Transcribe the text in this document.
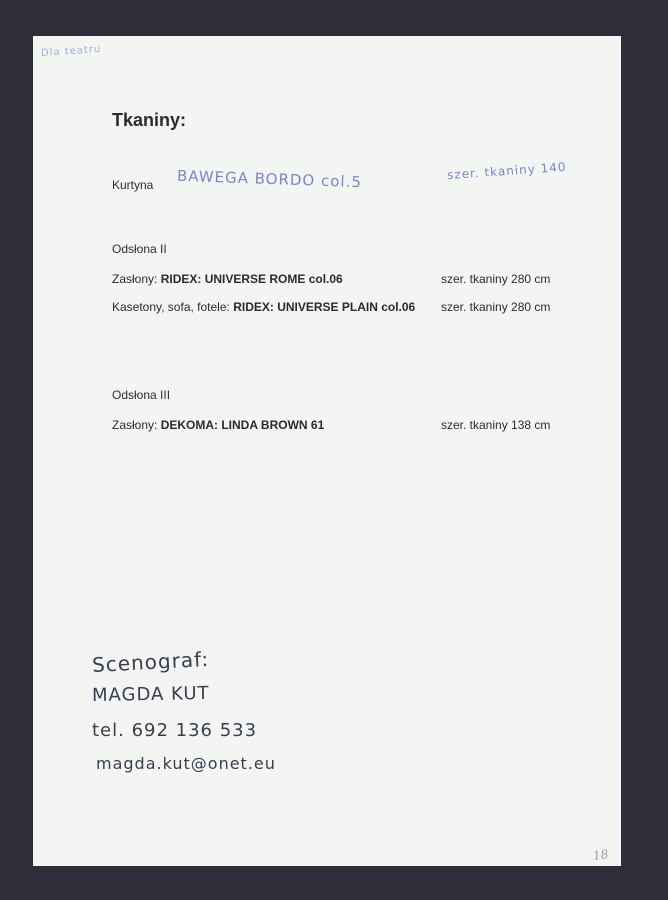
Dla teatru
Tkaniny:
Kurtyna BAWEGA BORDO col.5	szer. tkaniny 140
Odsłona II
Zasłony: RIDEX: UNIVERSE ROME col.06	szer. tkaniny 280 cm
Kasetony, sofa, fotele: RIDEX: UNIVERSE PLAIN col.06 szer. tkaniny 280 cm
Odsłona III
Zasłony: DEKOMA: LINDA BROWN 61	szer. tkaniny 138 cm
Scenograf:
MAGDA KUT
tel. 692 136 533
magda.kut@onet.eu
18
